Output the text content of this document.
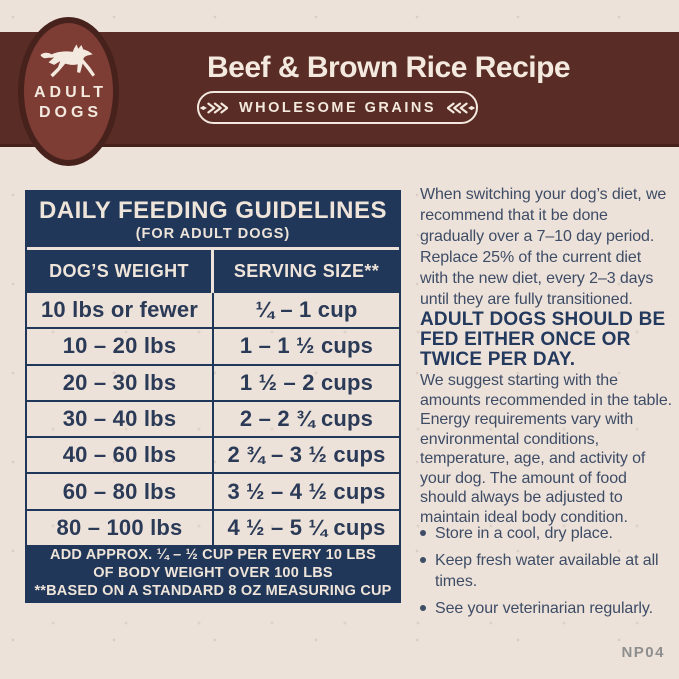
ADULT
DOGS
Beef & Brown Rice Recipe
WHOLESOME GRAINS
DAILY FEEDING GUIDELINES
(FOR ADULT DOGS)
DOG’S WEIGHT	SERVING SIZE**
10 lbs or fewer	¼ – 1 cup
10 – 20 lbs	1 – 1 ½ cups
20 – 30 lbs	1 ½ – 2 cups
30 – 40 lbs	2 – 2 ¾ cups
40 – 60 lbs	2 ¾ – 3 ½ cups
60 – 80 lbs	3 ½ – 4 ½ cups
80 – 100 lbs	4 ½ – 5 ¼ cups
ADD APPROX. ¼ – ½ CUP PER EVERY 10 LBS
OF BODY WEIGHT OVER 100 LBS
**BASED ON A STANDARD 8 OZ MEASURING CUP
When switching your dog’s diet, we recommend that it be done gradually over a 7–10 day period. Replace 25% of the current diet with the new diet, every 2–3 days until they are fully transitioned.
ADULT DOGS SHOULD BE FED EITHER ONCE OR TWICE PER DAY.
We suggest starting with the amounts recommended in the table. Energy requirements vary with environmental conditions, temperature, age, and activity of your dog. The amount of food should always be adjusted to maintain ideal body condition.
Store in a cool, dry place.
Keep fresh water available at all times.
See your veterinarian regularly.
NP04
